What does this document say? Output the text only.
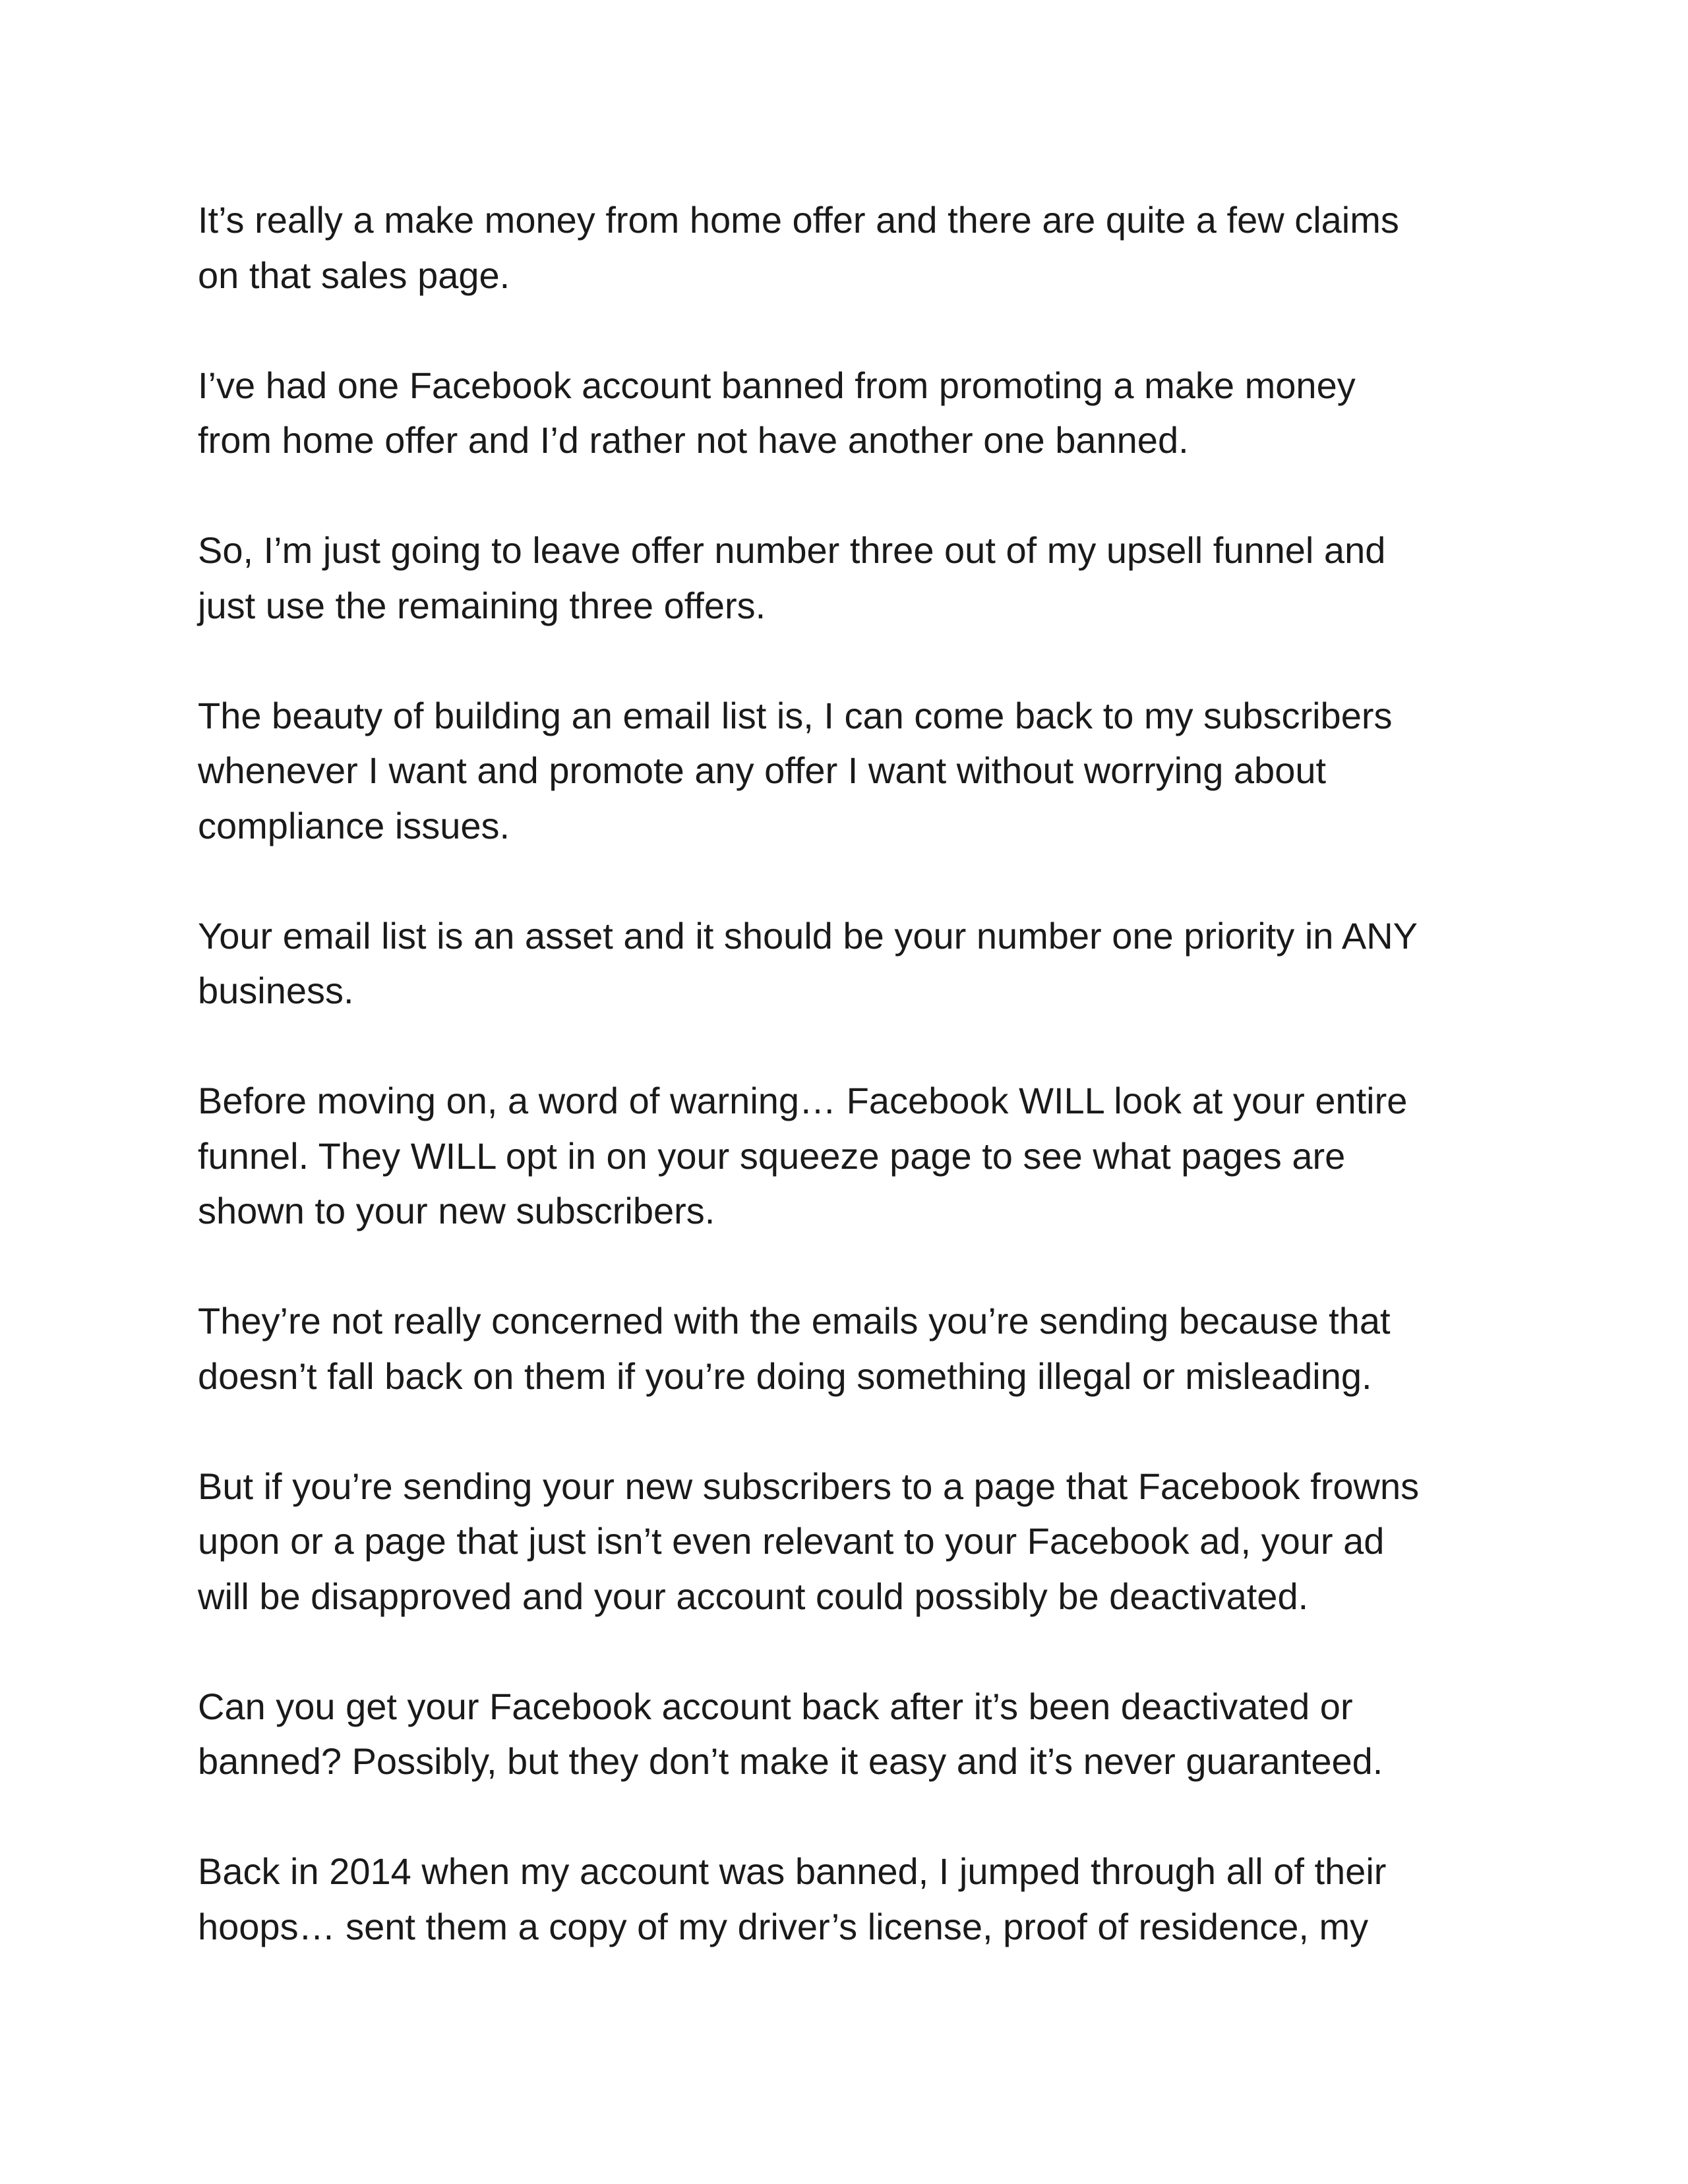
It’s really a make money from home offer and there are quite a few claims
on that sales page.

I’ve had one Facebook account banned from promoting a make money
from home offer and I’d rather not have another one banned.

So, I’m just going to leave offer number three out of my upsell funnel and
just use the remaining three offers.

The beauty of building an email list is, I can come back to my subscribers
whenever I want and promote any offer I want without worrying about
compliance issues.

Your email list is an asset and it should be your number one priority in ANY
business.

Before moving on, a word of warning… Facebook WILL look at your entire
funnel. They WILL opt in on your squeeze page to see what pages are
shown to your new subscribers.

They’re not really concerned with the emails you’re sending because that
doesn’t fall back on them if you’re doing something illegal or misleading.

But if you’re sending your new subscribers to a page that Facebook frowns
upon or a page that just isn’t even relevant to your Facebook ad, your ad
will be disapproved and your account could possibly be deactivated.

Can you get your Facebook account back after it’s been deactivated or
banned? Possibly, but they don’t make it easy and it’s never guaranteed.

Back in 2014 when my account was banned, I jumped through all of their
hoops… sent them a copy of my driver’s license, proof of residence, my
